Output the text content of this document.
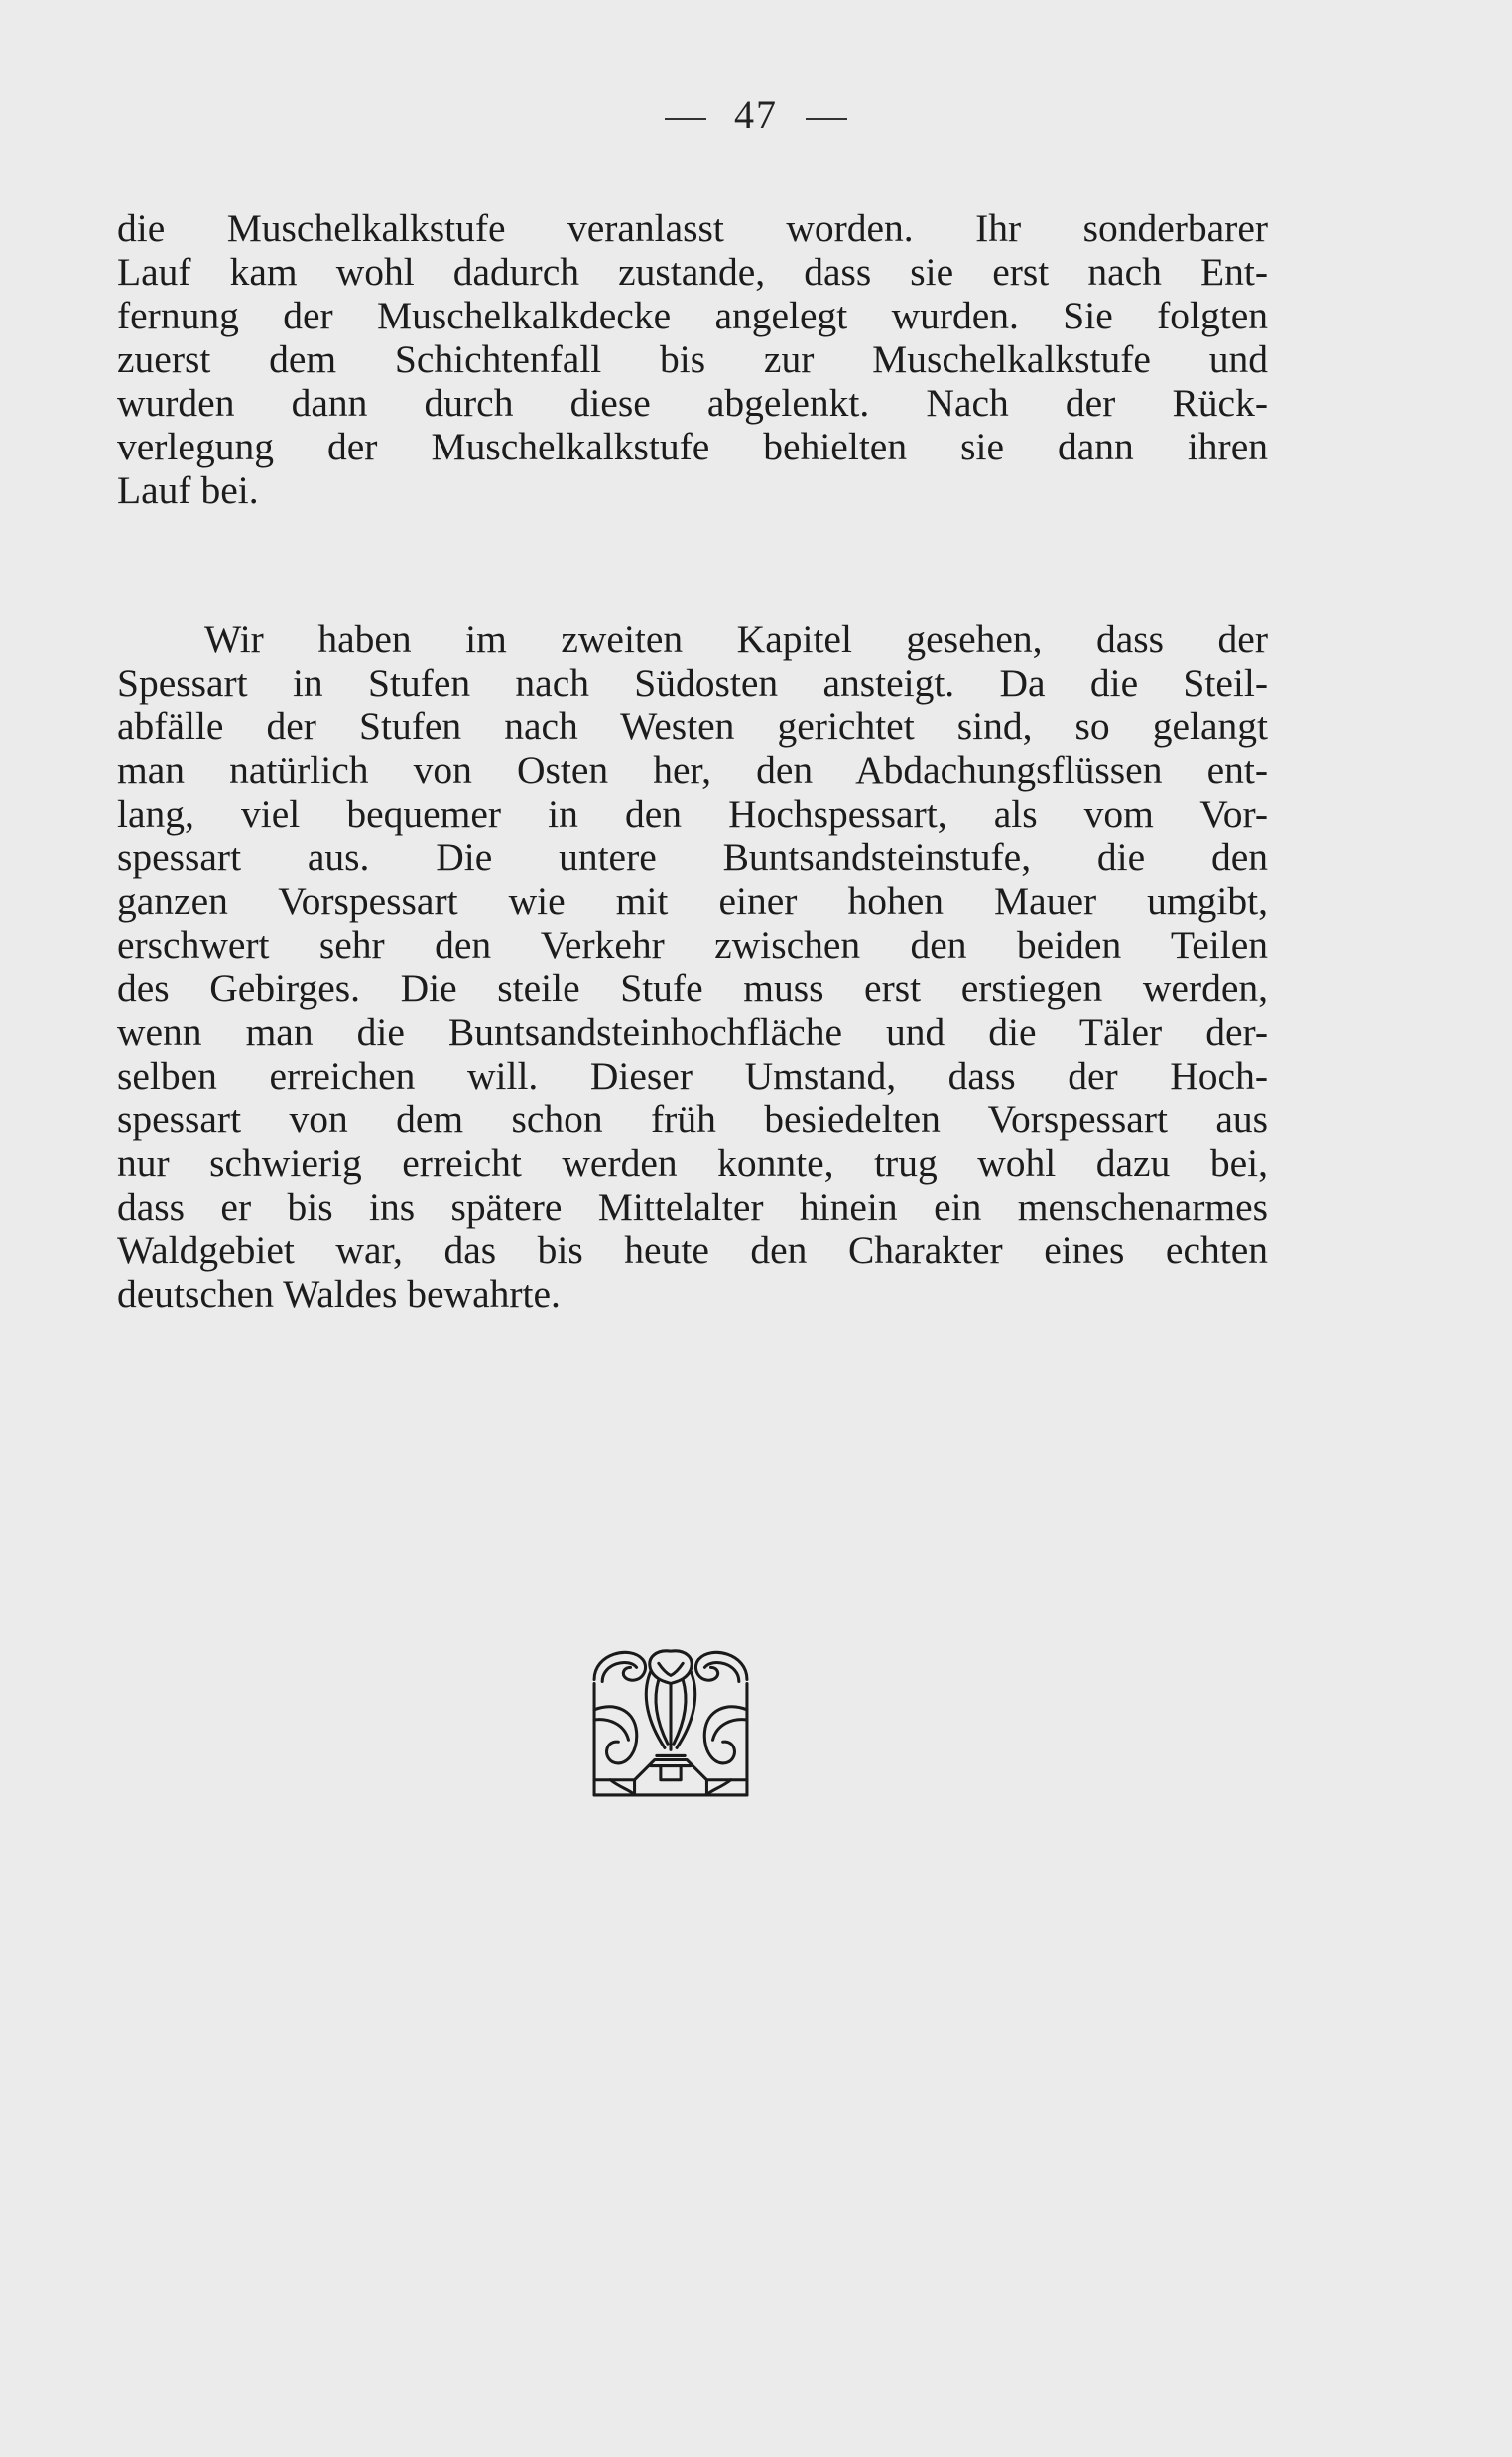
47
die Muschelkalkstufe veranlasst worden. Ihr sonderbarer
Lauf kam wohl dadurch zustande, dass sie erst nach Ent-
fernung der Muschelkalkdecke angelegt wurden. Sie folgten
zuerst dem Schichtenfall bis zur Muschelkalkstufe und
wurden dann durch diese abgelenkt. Nach der Rück-
verlegung der Muschelkalkstufe behielten sie dann ihren
Lauf bei.
Wir haben im zweiten Kapitel gesehen, dass der
Spessart in Stufen nach Südosten ansteigt. Da die Steil-
abfälle der Stufen nach Westen gerichtet sind, so gelangt
man natürlich von Osten her, den Abdachungsflüssen ent-
lang, viel bequemer in den Hochspessart, als vom Vor-
spessart aus. Die untere Buntsandsteinstufe, die den
ganzen Vorspessart wie mit einer hohen Mauer umgibt,
erschwert sehr den Verkehr zwischen den beiden Teilen
des Gebirges. Die steile Stufe muss erst erstiegen werden,
wenn man die Buntsandsteinhochfläche und die Täler der-
selben erreichen will. Dieser Umstand, dass der Hoch-
spessart von dem schon früh besiedelten Vorspessart aus
nur schwierig erreicht werden konnte, trug wohl dazu bei,
dass er bis ins spätere Mittelalter hinein ein menschenarmes
Waldgebiet war, das bis heute den Charakter eines echten
deutschen Waldes bewahrte.
